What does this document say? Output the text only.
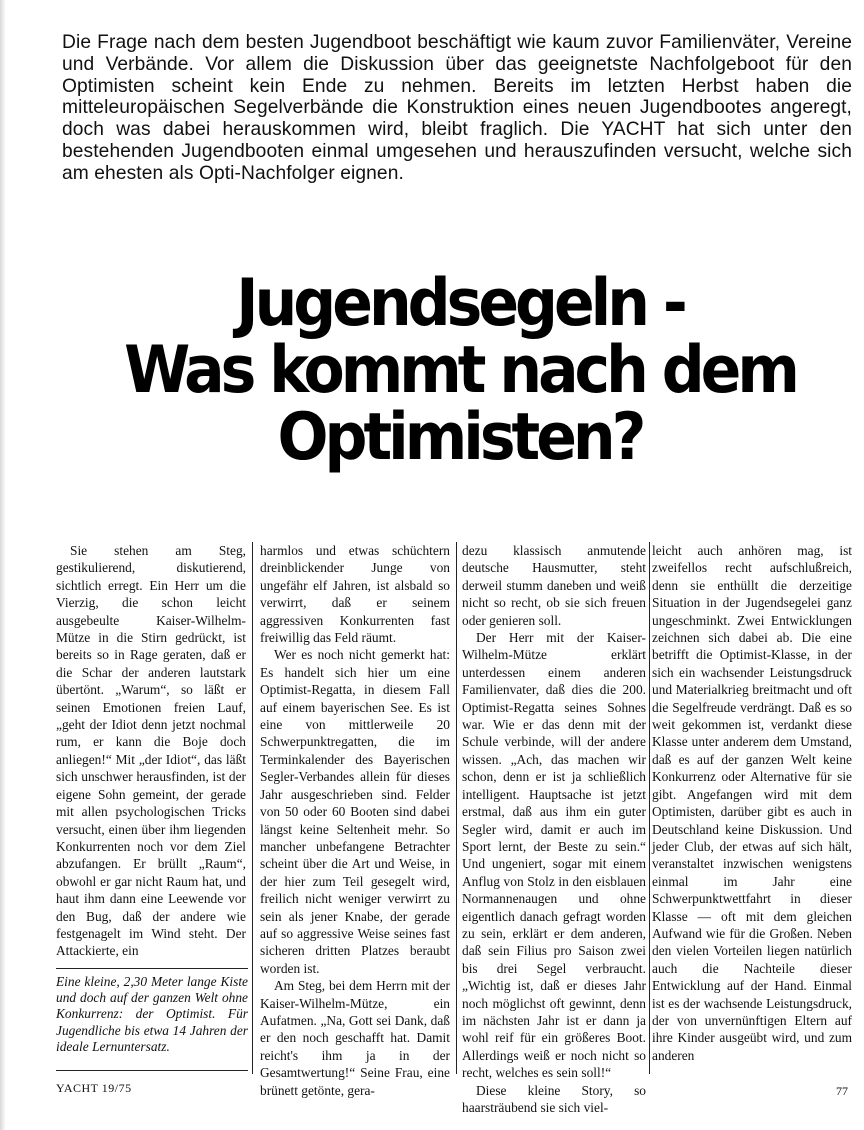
Die Frage nach dem besten Jugendboot beschäftigt wie kaum zuvor Familienväter, Vereine und Verbände. Vor allem die Diskussion über das geeignetste Nachfolgeboot für den Optimisten scheint kein Ende zu nehmen. Bereits im letzten Herbst haben die mitteleuropäischen Segelverbände die Konstruktion eines neuen Jugendbootes angeregt, doch was dabei herauskommen wird, bleibt fraglich. Die YACHT hat sich unter den bestehenden Jugendbooten einmal umgesehen und herauszufinden versucht, welche sich am ehesten als Opti-Nachfolger eignen.

Jugendsegeln -
Was kommt nach dem
Optimisten?

Sie stehen am Steg, gestikulierend, diskutierend, sichtlich erregt. Ein Herr um die Vierzig, die schon leicht ausgebeulte Kaiser-Wilhelm-Mütze in die Stirn gedrückt, ist bereits so in Rage geraten, daß er die Schar der anderen lautstark übertönt. „Warum“, so läßt er seinen Emotionen freien Lauf, „geht der Idiot denn jetzt nochmal rum, er kann die Boje doch anliegen!“ Mit „der Idiot“, das läßt sich unschwer herausfinden, ist der eigene Sohn gemeint, der gerade mit allen psychologischen Tricks versucht, einen über ihm liegenden Konkurrenten noch vor dem Ziel abzufangen. Er brüllt „Raum“, obwohl er gar nicht Raum hat, und haut ihm dann eine Leewende vor den Bug, daß der andere wie festgenagelt im Wind steht. Der Attackierte, ein

harmlos und etwas schüchtern dreinblickender Junge von ungefähr elf Jahren, ist alsbald so verwirrt, daß er seinem aggressiven Konkurrenten fast freiwillig das Feld räumt.

Wer es noch nicht gemerkt hat: Es handelt sich hier um eine Optimist-Regatta, in diesem Fall auf einem bayerischen See. Es ist eine von mittlerweile 20 Schwerpunktregatten, die im Terminkalender des Bayerischen Segler-Verbandes allein für dieses Jahr ausgeschrieben sind. Felder von 50 oder 60 Booten sind dabei längst keine Seltenheit mehr. So mancher unbefangene Betrachter scheint über die Art und Weise, in der hier zum Teil gesegelt wird, freilich nicht weniger verwirrt zu sein als jener Knabe, der gerade auf so aggressive Weise seines fast sicheren dritten Platzes beraubt worden ist.

Am Steg, bei dem Herrn mit der Kaiser-Wilhelm-Mütze, ein Aufatmen. „Na, Gott sei Dank, daß er den noch geschafft hat. Damit reicht's ihm ja in der Gesamtwertung!“ Seine Frau, eine brünett getönte, gera-

dezu klassisch anmutende deutsche Hausmutter, steht derweil stumm daneben und weiß nicht so recht, ob sie sich freuen oder genieren soll.

Der Herr mit der Kaiser-Wilhelm-Mütze erklärt unterdessen einem anderen Familienvater, daß dies die 200. Optimist-Regatta seines Sohnes war. Wie er das denn mit der Schule verbinde, will der andere wissen. „Ach, das machen wir schon, denn er ist ja schließlich intelligent. Hauptsache ist jetzt erstmal, daß aus ihm ein guter Segler wird, damit er auch im Sport lernt, der Beste zu sein.“ Und ungeniert, sogar mit einem Anflug von Stolz in den eisblauen Normannenaugen und ohne eigentlich danach gefragt worden zu sein, erklärt er dem anderen, daß sein Filius pro Saison zwei bis drei Segel verbraucht. „Wichtig ist, daß er dieses Jahr noch möglichst oft gewinnt, denn im nächsten Jahr ist er dann ja wohl reif für ein größeres Boot. Allerdings weiß er noch nicht so recht, welches es sein soll!“

Diese kleine Story, so haarsträubend sie sich viel-

leicht auch anhören mag, ist zweifellos recht aufschlußreich, denn sie enthüllt die derzeitige Situation in der Jugendsegelei ganz ungeschminkt. Zwei Entwicklungen zeichnen sich dabei ab. Die eine betrifft die Optimist-Klasse, in der sich ein wachsender Leistungsdruck und Materialkrieg breitmacht und oft die Segelfreude verdrängt. Daß es so weit gekommen ist, verdankt diese Klasse unter anderem dem Umstand, daß es auf der ganzen Welt keine Konkurrenz oder Alternative für sie gibt. Angefangen wird mit dem Optimisten, darüber gibt es auch in Deutschland keine Diskussion. Und jeder Club, der etwas auf sich hält, veranstaltet inzwischen wenigstens einmal im Jahr eine Schwerpunktwettfahrt in dieser Klasse — oft mit dem gleichen Aufwand wie für die Großen. Neben den vielen Vorteilen liegen natürlich auch die Nachteile dieser Entwicklung auf der Hand. Einmal ist es der wachsende Leistungsdruck, der von unvernünftigen Eltern auf ihre Kinder ausgeübt wird, und zum anderen

Eine kleine, 2,30 Meter lange Kiste und doch auf der ganzen Welt ohne Konkurrenz: der Optimist. Für Jugendliche bis etwa 14 Jahren der ideale Lernuntersatz.
YACHT 19/75	77
